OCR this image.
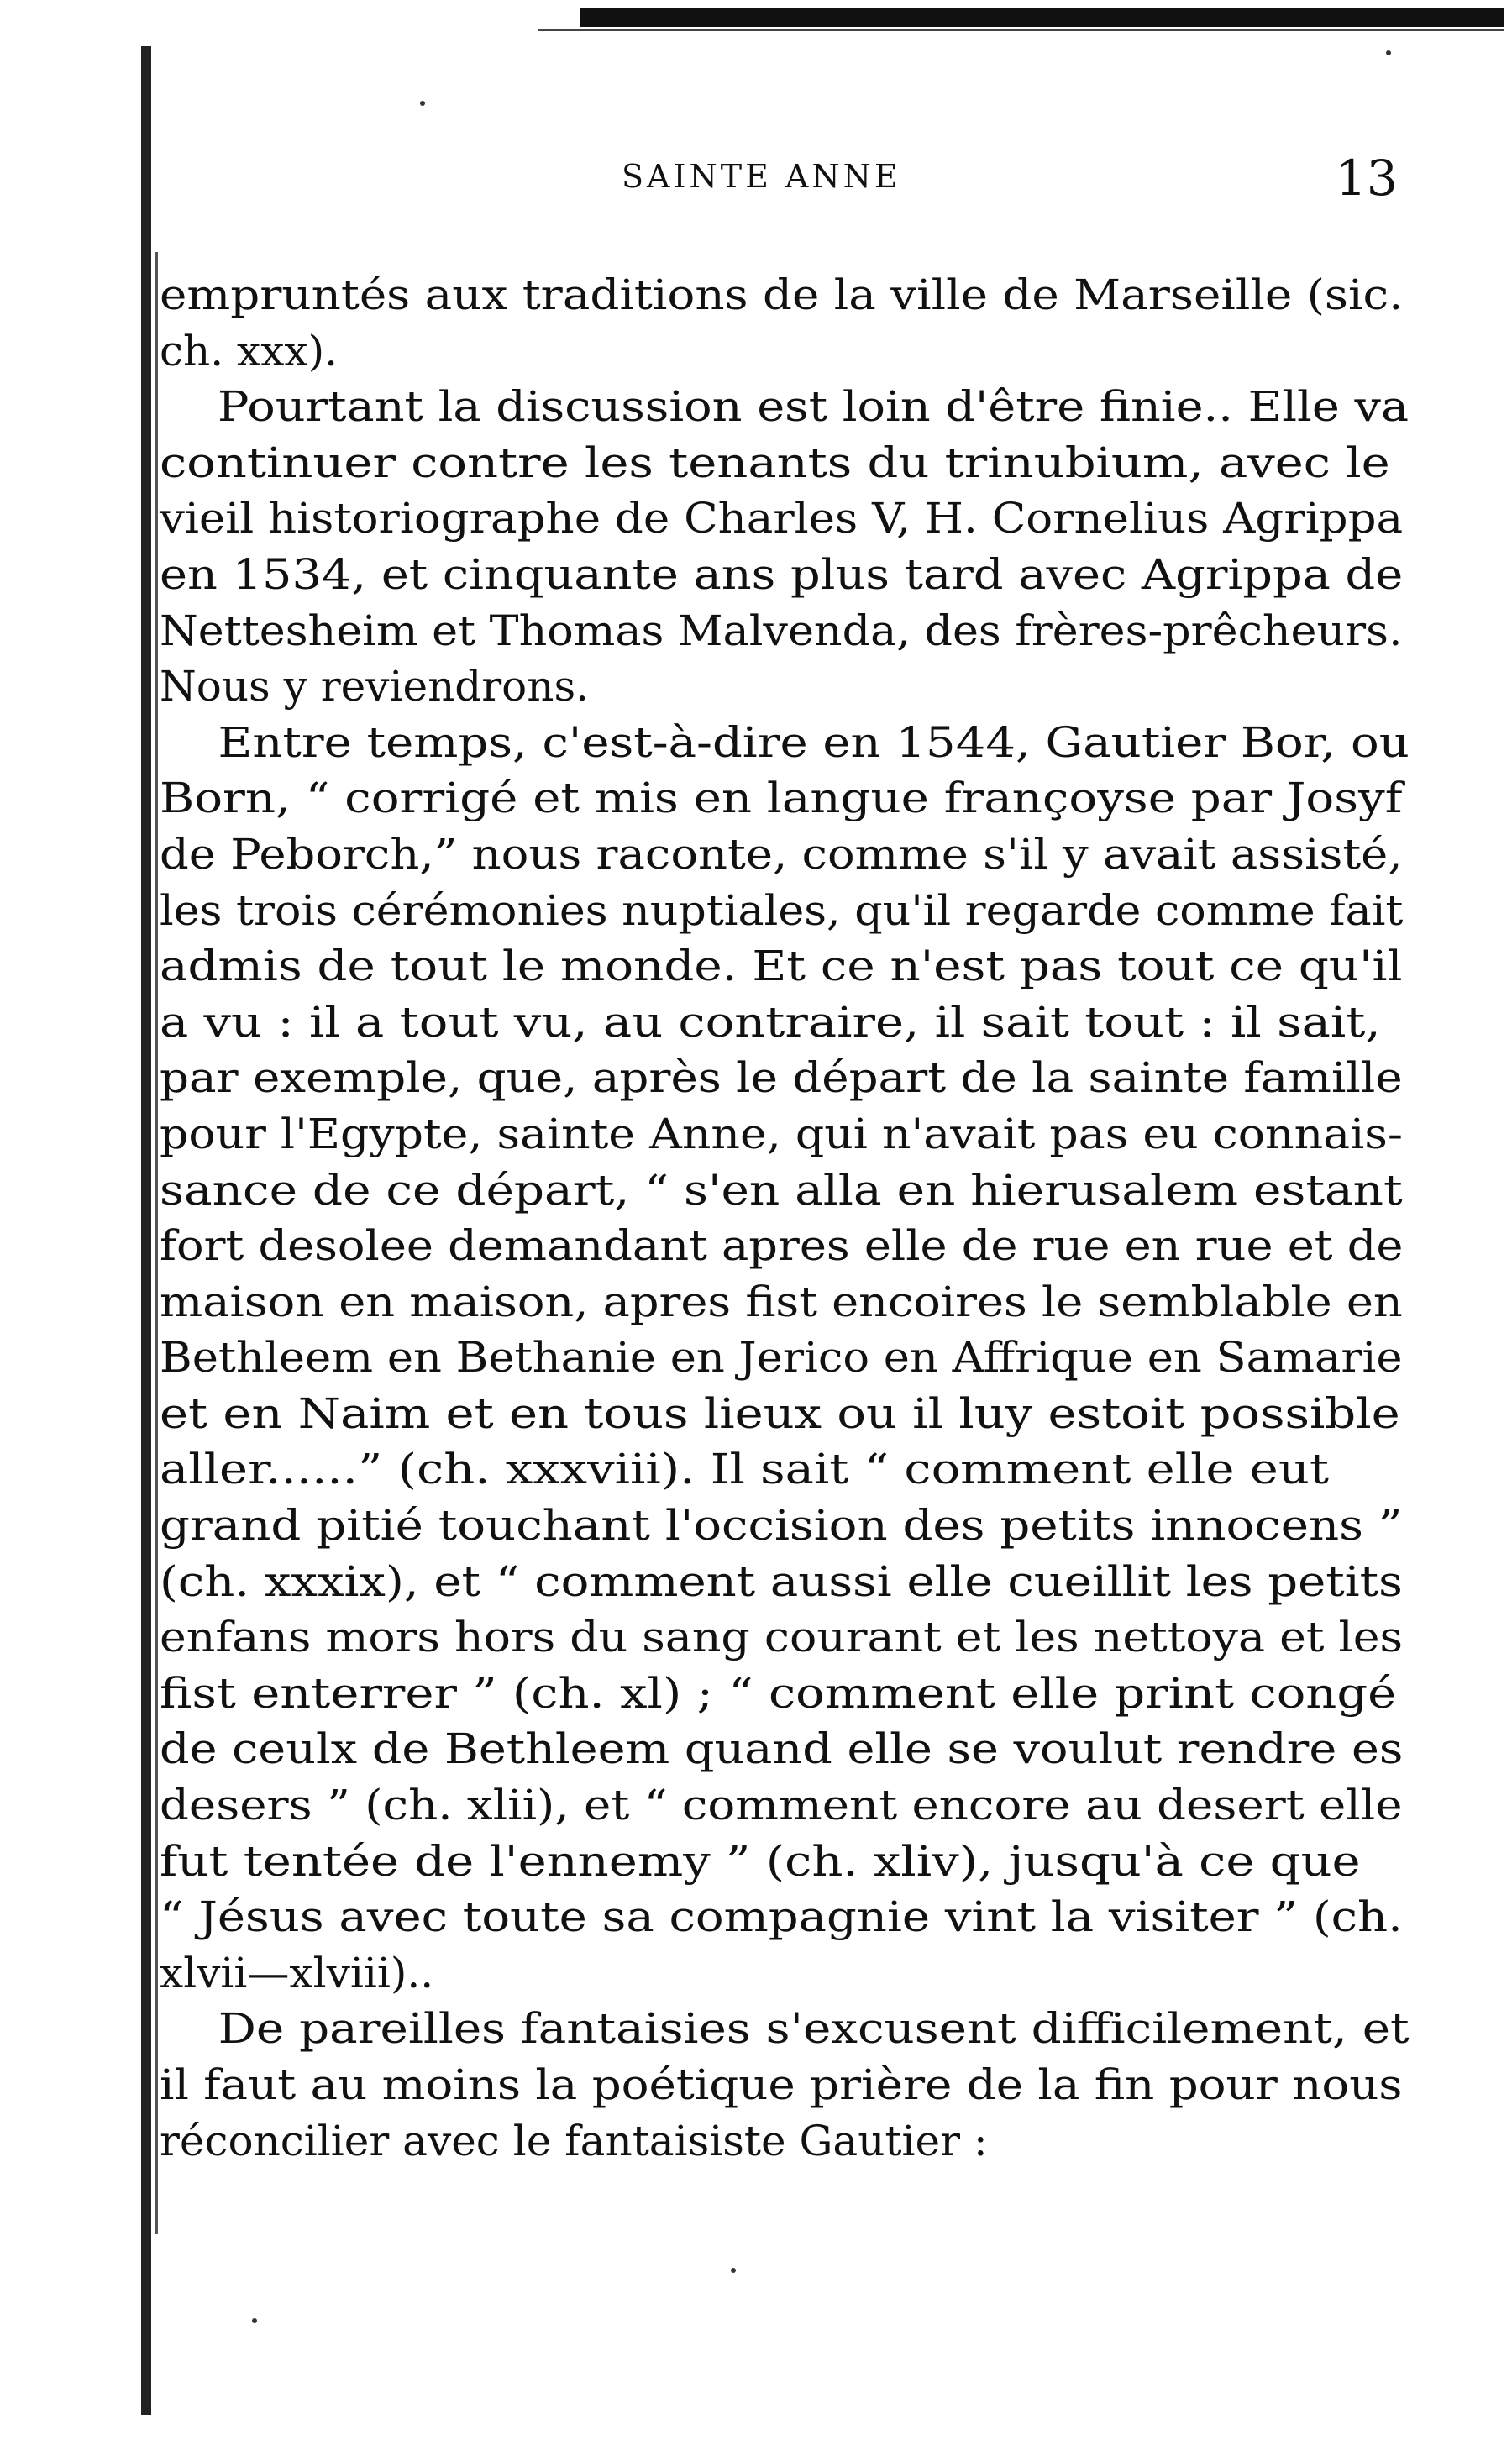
SAINTE ANNE	13
empruntés aux traditions de la ville de Marseille (sic.
ch. xxx).
Pourtant la discussion est loin d'être finie.. Elle va
continuer contre les tenants du trinubium, avec le
vieil historiographe de Charles V, H. Cornelius Agrippa
en 1534, et cinquante ans plus tard avec Agrippa de
Nettesheim et Thomas Malvenda, des frères-prêcheurs.
Nous y reviendrons.
Entre temps, c'est-à-dire en 1544, Gautier Bor, ou
Born, “ corrigé et mis en langue françoyse par Josyf
de Peborch,” nous raconte, comme s'il y avait assisté,
les trois cérémonies nuptiales, qu'il regarde comme fait
admis de tout le monde. Et ce n'est pas tout ce qu'il
a vu : il a tout vu, au contraire, il sait tout : il sait,
par exemple, que, après le départ de la sainte famille
pour l'Egypte, sainte Anne, qui n'avait pas eu connais-
sance de ce départ, “ s'en alla en hierusalem estant
fort desolee demandant apres elle de rue en rue et de
maison en maison, apres fist encoires le semblable en
Bethleem en Bethanie en Jerico en Affrique en Samarie
et en Naim et en tous lieux ou il luy estoit possible
aller......” (ch. xxxviii). Il sait “ comment elle eut
grand pitié touchant l'occision des petits innocens ”
(ch. xxxix), et “ comment aussi elle cueillit les petits
enfans mors hors du sang courant et les nettoya et les
fist enterrer ” (ch. xl) ; “ comment elle print congé
de ceulx de Bethleem quand elle se voulut rendre es
desers ” (ch. xlii), et “ comment encore au desert elle
fut tentée de l'ennemy ” (ch. xliv), jusqu'à ce que
“ Jésus avec toute sa compagnie vint la visiter ” (ch.
xlvii—xlviii)..
De pareilles fantaisies s'excusent difficilement, et
il faut au moins la poétique prière de la fin pour nous
réconcilier avec le fantaisiste Gautier :
